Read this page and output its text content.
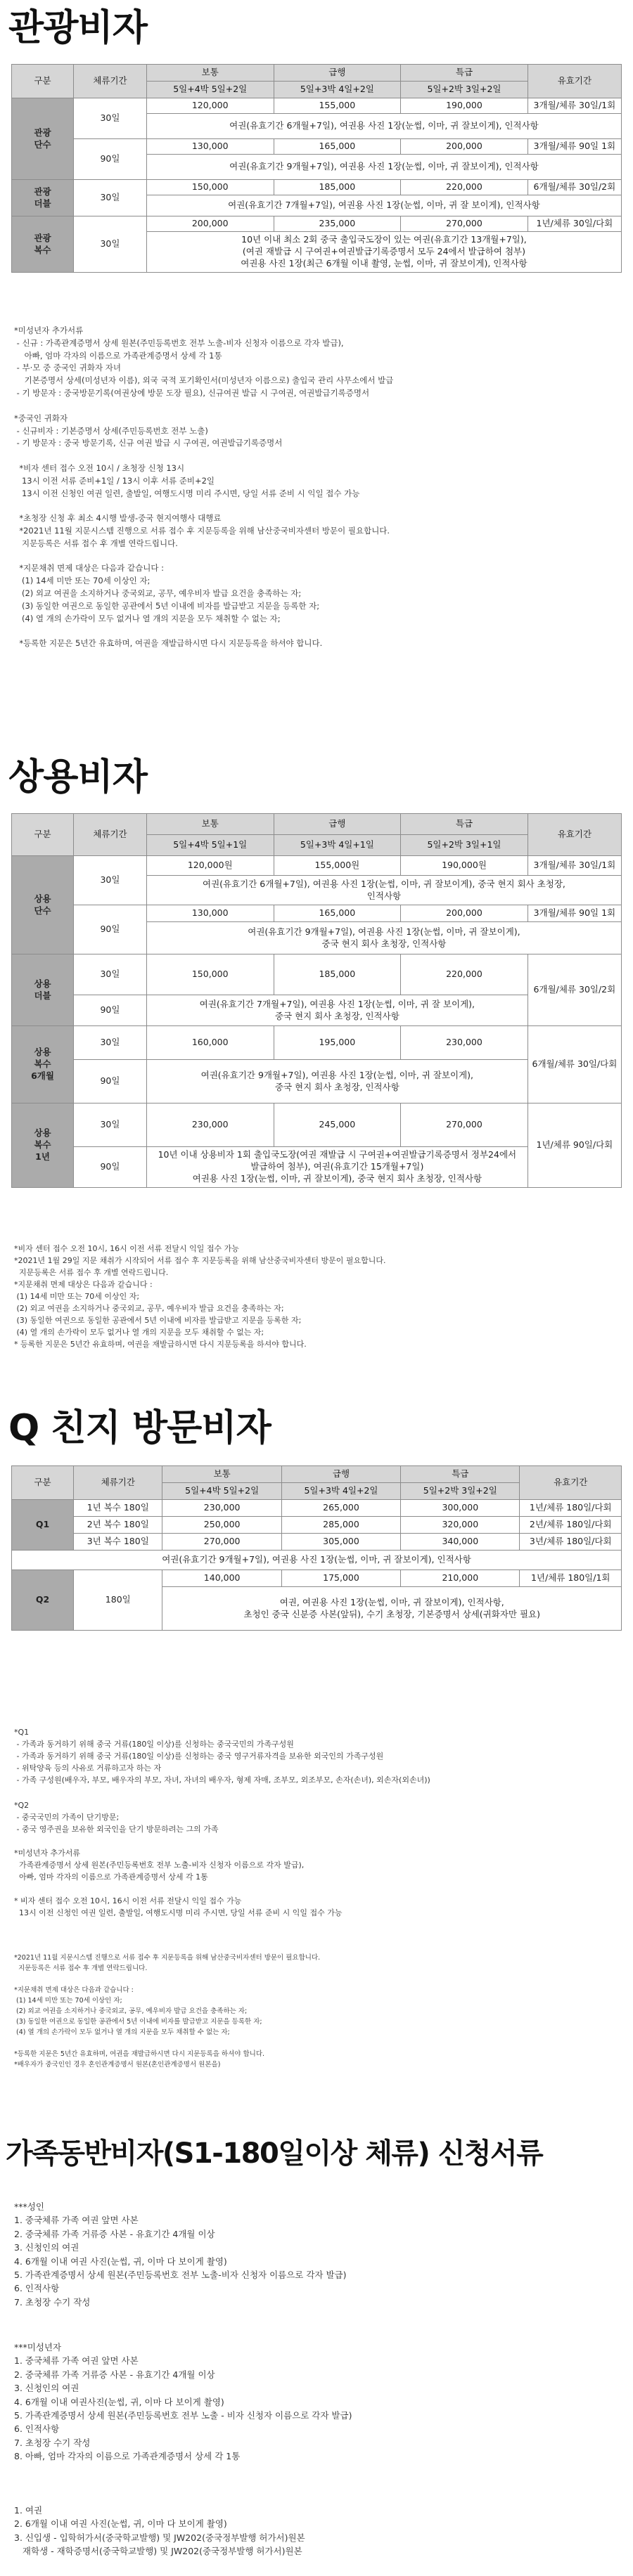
관광비자
구분	체류기간	보통	급행	특급	유효기간
		5일+4박 5일+2일	5일+3박 4일+2일	5일+2박 3일+2일	
관광
단수	30일	120,000	155,000	190,000	3개월/체류 30일/1회
		여권(유효기간 6개월+7일), 여권용 사진 1장(눈썹, 이마, 귀 잘보이게), 인적사항			
	90일	130,000	165,000	200,000	3개월/체류 90일 1회
		여권(유효기간 9개월+7일), 여권용 사진 1장(눈썹, 이마, 귀 잘보이게), 인적사항			
관광
더블	30일	150,000	185,000	220,000	6개월/체류 30일/2회
		여권(유효기간 7개월+7일), 여권용 사진 1장(눈썹, 이마, 귀 잘 보이게), 인적사항			
관광
복수	30일	200,000	235,000	270,000	1년/체류 30일/다회
		10년 이내 최소 2회 중국 출입국도장이 있는 여권(유효기간 13개월+7일),
(여권 재발급 시 구여권+여권발급기록증명서 모두 24에서 발급하여 첨부)
여권용 사진 1장(최근 6개월 이내 촬영, 눈썹, 이마, 귀 잘보이게), 인적사항			
*미성년자 추가서류
- 신규 : 가족관계증명서 상세 원본(주민등록번호 전부 노출-비자 신청자 이름으로 각자 발급),
아빠, 엄마 각자의 이름으로 가족관계증명서 상세 각 1통
- 부·모 중 중국인 귀화자 자녀
기본증명서 상세(미성년자 이름), 외국 국적 포기확인서(미성년자 이름으로) 출입국 관리 사무소에서 발급
- 기 방문자 : 중국방문기록(여권상에 방문 도장 필요), 신규여권 발급 시 구여권, 여권발급기록증명서

*중국인 귀화자
- 신규비자 : 기본증명서 상세(주민등록번호 전부 노출)
- 기 방문자 : 중국 방문기록, 신규 여권 발급 시 구여권, 여권발급기록증명서

*비자 센터 접수 오전 10시 / 초청장 신청 13시
13시 이전 서류 준비+1일 / 13시 이후 서류 준비+2일
13시 이전 신청인 여권 일련, 출발일, 여행도시명 미리 주시면, 당일 서류 준비 시 익일 접수 가능

*초청장 신청 후 최소 4시행 발생-중국 현지여행사 대행료
*2021년 11월 지문시스템 진행으로 서류 접수 후 지문등록을 위해 남산중국비자센터 방문이 필요합니다.
지문등록은 서류 접수 후 개별 연락드립니다.

*지문채취 면제 대상은 다음과 같습니다 :
(1) 14세 미만 또는 70세 이상인 자;
(2) 외교 여권을 소지하거나 중국외교, 공무, 예우비자 발급 요건을 충족하는 자;
(3) 동일한 여권으로 동일한 공관에서 5년 이내에 비자를 발급받고 지문을 등록한 자;
(4) 열 개의 손가락이 모두 없거나 열 개의 지문을 모두 채취할 수 없는 자;

*등록한 지문은 5년간 유효하며, 여권을 재발급하시면 다시 지문등록을 하셔야 합니다.
상용비자
구분	체류기간	보통	급행	특급	유효기간
		5일+4박 5일+1일	5일+3박 4일+1일	5일+2박 3일+1일	
상용
단수	30일	120,000원	155,000원	190,000원	3개월/체류 30일/1회
		여권(유효기간 6개월+7일), 여권용 사진 1장(눈썹, 이마, 귀 잘보이게), 중국 현지 회사 초청장,
인적사항			
	90일	130,000	165,000	200,000	3개월/체류 90일 1회
		여권(유효기간 9개월+7일), 여권용 사진 1장(눈썹, 이마, 귀 잘보이게),
중국 현지 회사 초청장, 인적사항			
상용
더블	30일	150,000	185,000	220,000	6개월/체류 30일/2회
	90일	여권(유효기간 7개월+7일), 여권용 사진 1장(눈썹, 이마, 귀 잘 보이게),
중국 현지 회사 초청장, 인적사항			
상용
복수
6개월	30일	160,000	195,000	230,000	6개월/체류 30일/다회
	90일	여권(유효기간 9개월+7일), 여권용 사진 1장(눈썹, 이마, 귀 잘보이게),
중국 현지 회사 초청장, 인적사항			
상용
복수
1년	30일	230,000	245,000	270,000	1년/체류 90일/다회
	90일	10년 이내 상용비자 1회 출입국도장(여권 재발급 시 구여권+여권발급기록증명서 정부24에서
발급하여 첨부), 여권(유효기간 15개월+7일)
여권용 사진 1장(눈썹, 이마, 귀 잘보이게), 중국 현지 회사 초청장, 인적사항			
*비자 센터 접수 오전 10시, 16시 이전 서류 전달시 익일 접수 가능
*2021년 1월 29일 지문 채취가 시작되어 서류 접수 후 지문등록을 위해 남산중국비자센터 방문이 필요합니다.
지문등록은 서류 접수 후 개별 연락드립니다.
*지문채취 면제 대상은 다음과 같습니다 :
(1) 14세 미만 또는 70세 이상인 자;
(2) 외교 여권을 소지하거나 중국외교, 공무, 예우비자 발급 요건을 충족하는 자;
(3) 동일한 여권으로 동일한 공관에서 5년 이내에 비자를 발급받고 지문을 등록한 자;
(4) 열 개의 손가락이 모두 없거나 열 개의 지문을 모두 채취할 수 없는 자;
* 등록한 지문은 5년간 유효하며, 여권을 재발급하시면 다시 지문등록을 하셔야 합니다.
Q 친지 방문비자
구분	체류기간	보통	급행	특급	유효기간
		5일+4박 5일+2일	5일+3박 4일+2일	5일+2박 3일+2일	
Q1	1년 복수 180일	230,000	265,000	300,000	1년/체류 180일/다회
	2년 복수 180일	250,000	285,000	320,000	2년/체류 180일/다회
	3년 복수 180일	270,000	305,000	340,000	3년/체류 180일/다회
여권(유효기간 9개월+7일), 여권용 사진 1장(눈썹, 이마, 귀 잘보이게), 인적사항					
Q2	180일	140,000	175,000	210,000	1년/체류 180일/1회
		여권, 여권용 사진 1장(눈썹, 이마, 귀 잘보이게), 인적사항,
초청인 중국 신분증 사본(앞뒤), 수기 초청장, 기본증명서 상세(귀화자만 필요)			
*Q1
- 가족과 동거하기 위해 중국 거류(180일 이상)를 신청하는 중국국민의 가족구성원
- 가족과 동거하기 위해 중국 거류(180일 이상)를 신청하는 중국 영구거류자격을 보유한 외국인의 가족구성원
- 위탁양육 등의 사유로 거류하고자 하는 자
- 가족 구성원(배우자, 부모, 배우자의 부모, 자녀, 자녀의 배우자, 형제 자매, 조부모, 외조부모, 손자(손녀), 외손자(외손녀))
*Q2
- 중국국민의 가족이 단기방문;
- 중국 영주권을 보유한 외국인을 단기 방문하려는 그의 가족

*미성년자 추가서류
가족관계증명서 상세 원본(주민등록번호 전부 노출-비자 신청자 이름으로 각자 발급),
아빠, 엄마 각자의 이름으로 가족관계증명서 상세 각 1통

* 비자 센터 접수 오전 10시, 16시 이전 서류 전달시 익일 접수 가능
13시 이전 신청인 여권 일련, 출발일, 여행도시명 미리 주시면, 당일 서류 준비 시 익일 접수 가능
*2021년 11월 지문시스템 진행으로 서류 접수 후 지문등록을 위해 남산중국비자센터 방문이 필요합니다.
지문등록은 서류 접수 후 개별 연락드립니다.

*지문채취 면제 대상은 다음과 같습니다 :
(1) 14세 미만 또는 70세 이상인 자;
(2) 외교 여권을 소지하거나 중국외교, 공무, 예우비자 발급 요건을 충족하는 자;
(3) 동일한 여권으로 동일한 공관에서 5년 이내에 비자를 발급받고 지문을 등록한 자;
(4) 열 개의 손가락이 모두 없거나 열 개의 지문을 모두 채취할 수 없는 자;

*등록한 지문은 5년간 유효하며, 여권을 재발급하시면 다시 지문등록을 하셔야 합니다.
*배우자가 중국인인 경우 혼인관계증명서 원본(혼인관계증명서 원본을)
가족동반비자(S1-180일이상 체류) 신청서류
***성인
1. 중국체류 가족 여권 앞면 사본
2. 중국체류 가족 거류증 사본 - 유효기간 4개월 이상
3. 신청인의 여권
4. 6개월 이내 여권 사진(눈썹, 귀, 이마 다 보이게 촬영)
5. 가족관계증명서 상세 원본(주민등록번호 전부 노출-비자 신청자 이름으로 각자 발급)
6. 인적사항
7. 초청장 수기 작성
***미성년자
1. 중국체류 가족 여권 앞면 사본
2. 중국체류 가족 거류증 사본 - 유효기간 4개월 이상
3. 신청인의 여권
4. 6개월 이내 여권사진(눈썹, 귀, 이마 다 보이게 촬영)
5. 가족관계증명서 상세 원본(주민등록번호 전부 노출 - 비자 신청자 이름으로 각자 발급)
6. 인적사항
7. 초청장 수기 작성
8. 아빠, 엄마 각자의 이름으로 가족관계증명서 상세 각 1통
1. 여권
2. 6개월 이내 여권 사진(눈썹, 귀, 이마 다 보이게 촬영)
3. 신입생 - 입학허가서(중국학교발행) 및 JW202(중국정부발행 허가서)원본
재학생 - 재학증명서(중국학교발행) 및 JW202(중국정부발행 허가서)원본
